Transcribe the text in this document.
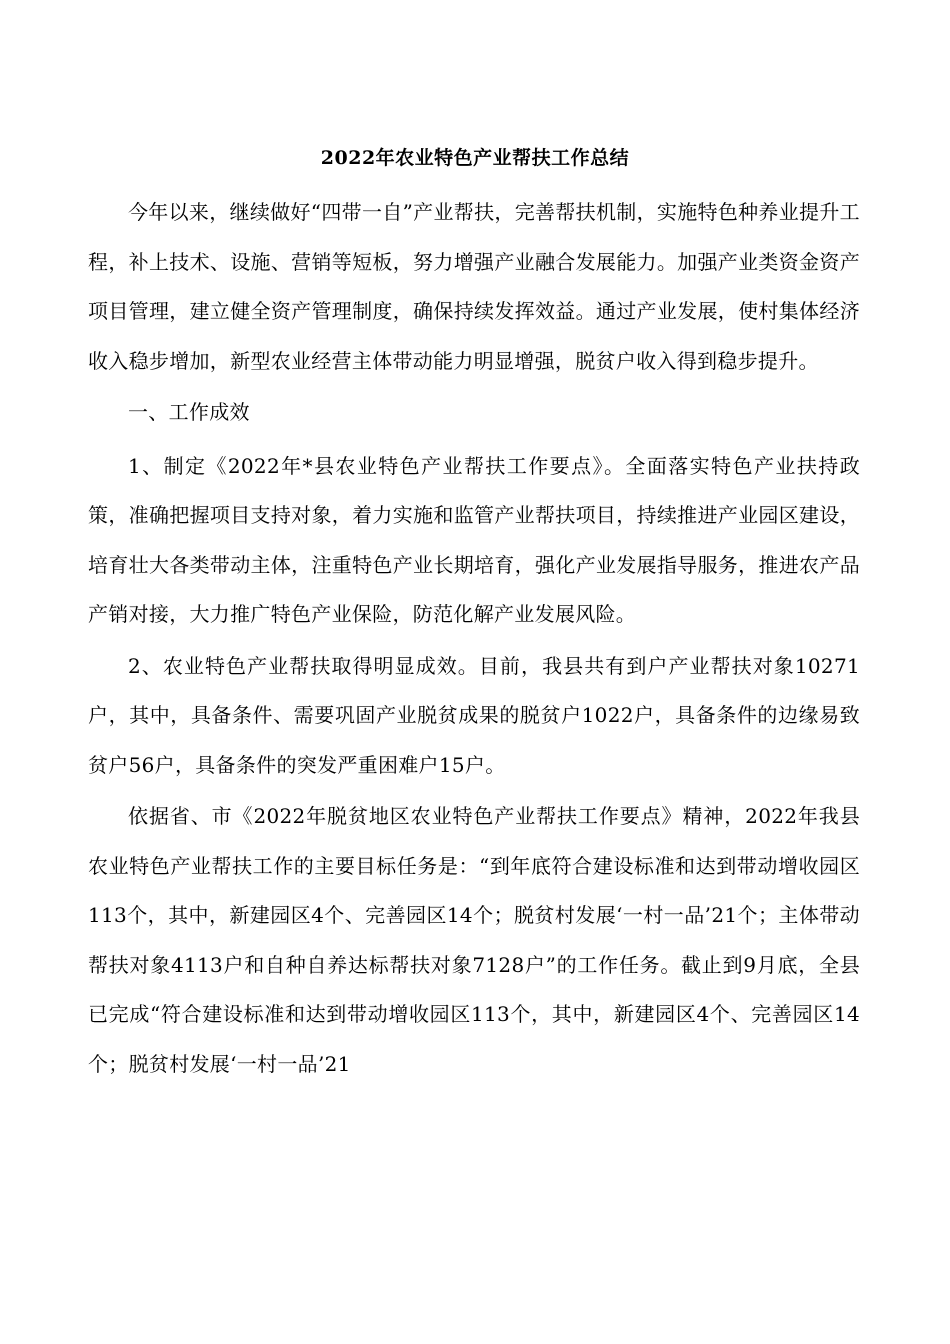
2022年农业特色产业帮扶工作总结

今年以来，继续做好“四带一自”产业帮扶，完善帮扶机制，实施特色种养业提升工程，补上技术、设施、营销等短板，努力增强产业融合发展能力。加强产业类资金资产项目管理，建立健全资产管理制度，确保持续发挥效益。通过产业发展，使村集体经济收入稳步增加，新型农业经营主体带动能力明显增强，脱贫户收入得到稳步提升。

一、工作成效

1、制定《2022年*县农业特色产业帮扶工作要点》。全面落实特色产业扶持政策，准确把握项目支持对象，着力实施和监管产业帮扶项目，持续推进产业园区建设，培育壮大各类带动主体，注重特色产业长期培育，强化产业发展指导服务，推进农产品产销对接，大力推广特色产业保险，防范化解产业发展风险。

2、农业特色产业帮扶取得明显成效。目前，我县共有到户产业帮扶对象10271户，其中，具备条件、需要巩固产业脱贫成果的脱贫户1022户，具备条件的边缘易致贫户56户，具备条件的突发严重困难户15户。

依据省、市《2022年脱贫地区农业特色产业帮扶工作要点》精神，2022年我县农业特色产业帮扶工作的主要目标任务是：“到年底符合建设标准和达到带动增收园区113个，其中，新建园区4个、完善园区14个；脱贫村发展‘一村一品’21个；主体带动帮扶对象4113户和自种自养达标帮扶对象7128户”的工作任务。截止到9月底，全县已完成“符合建设标准和达到带动增收园区113个，其中，新建园区4个、完善园区14个；脱贫村发展‘一村一品’21
